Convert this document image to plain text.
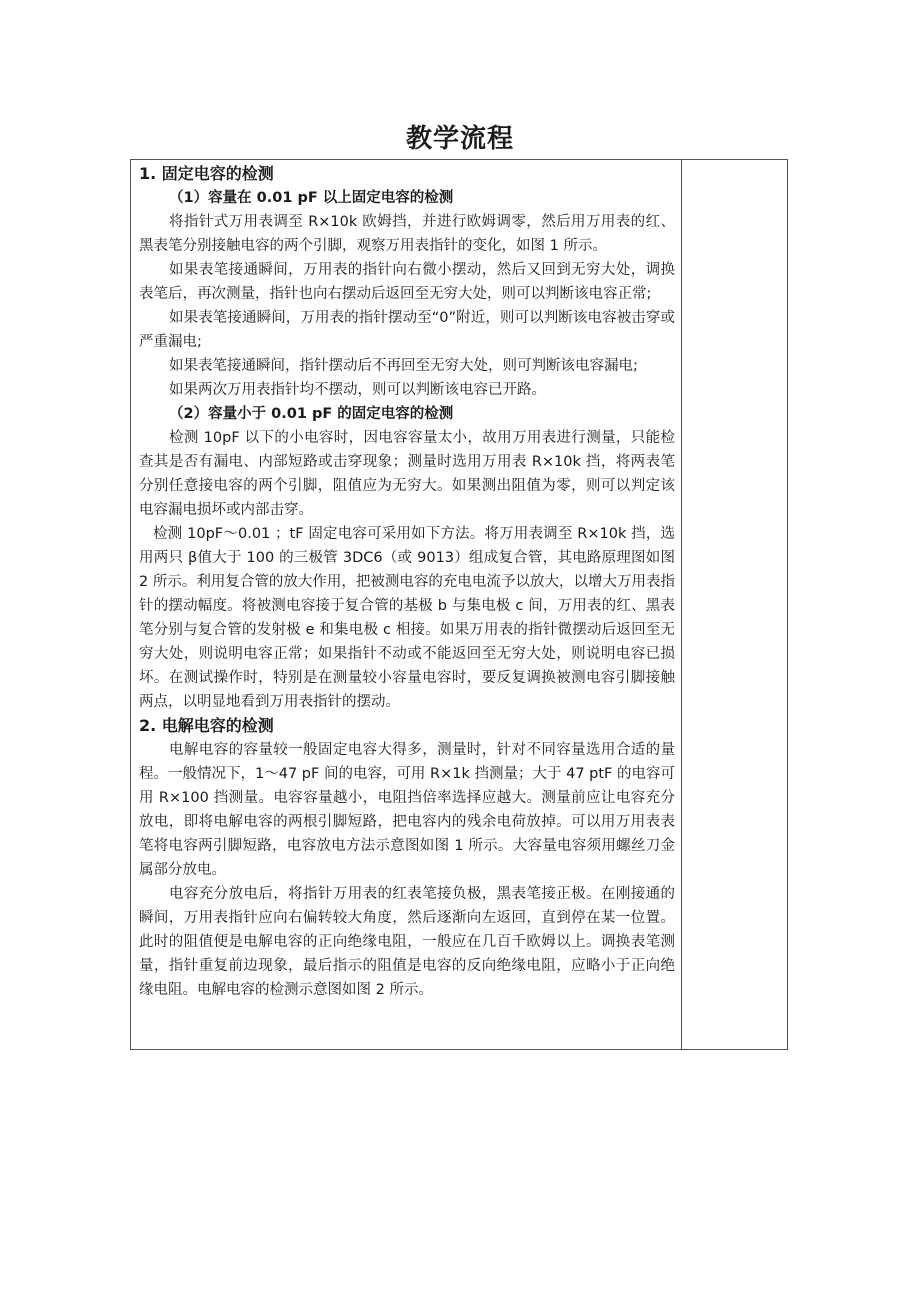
教学流程

1. 固定电容的检测

（1）容量在 0.01 pF 以上固定电容的检测

将指针式万用表调至 R×10k 欧姆挡，并进行欧姆调零，然后用万用表的红、黑表笔分别接触电容的两个引脚，观察万用表指针的变化，如图 1 所示。

如果表笔接通瞬间，万用表的指针向右微小摆动，然后又回到无穷大处，调换表笔后，再次测量，指针也向右摆动后返回至无穷大处，则可以判断该电容正常;

如果表笔接通瞬间，万用表的指针摆动至“0”附近，则可以判断该电容被击穿或严重漏电;

如果表笔接通瞬间，指针摆动后不再回至无穷大处，则可判断该电容漏电;

如果两次万用表指针均不摆动，则可以判断该电容已开路。

（2）容量小于 0.01 pF 的固定电容的检测

检测 10pF 以下的小电容时，因电容容量太小，故用万用表进行测量，只能检查其是否有漏电、内部短路或击穿现象；测量时选用万用表 R×10k 挡，将两表笔分别任意接电容的两个引脚，阻值应为无穷大。如果测出阻值为零，则可以判定该电容漏电损坏或内部击穿。

检测 10pF～0.01 ；tF 固定电容可采用如下方法。将万用表调至 R×10k 挡，选用两只 β值大于 100 的三极管 3DC6（或 9013）组成复合管，其电路原理图如图 2 所示。利用复合管的放大作用，把被测电容的充电电流予以放大，以增大万用表指针的摆动幅度。将被测电容接于复合管的基极 b 与集电极 c 间，万用表的红、黑表笔分别与复合管的发射极 e 和集电极 c 相接。如果万用表的指针微摆动后返回至无穷大处，则说明电容正常；如果指针不动或不能返回至无穷大处，则说明电容已损坏。在测试操作时，特别是在测量较小容量电容时，要反复调换被测电容引脚接触两点，以明显地看到万用表指针的摆动。

2. 电解电容的检测

电解电容的容量较一般固定电容大得多，测量时，针对不同容量选用合适的量程。一般情况下，1～47 pF 间的电容，可用 R×1k 挡测量；大于 47 ptF 的电容可用 R×100 挡测量。电容容量越小，电阻挡倍率选择应越大。测量前应让电容充分放电，即将电解电容的两根引脚短路，把电容内的残余电荷放掉。可以用万用表表笔将电容两引脚短路，电容放电方法示意图如图 1 所示。大容量电容须用螺丝刀金属部分放电。

电容充分放电后，将指针万用表的红表笔接负极，黑表笔接正极。在刚接通的瞬间，万用表指针应向右偏转较大角度，然后逐渐向左返回，直到停在某一位置。此时的阻值便是电解电容的正向绝缘电阻，一般应在几百千欧姆以上。调换表笔测量，指针重复前边现象，最后指示的阻值是电容的反向绝缘电阻，应略小于正向绝缘电阻。电解电容的检测示意图如图 2 所示。
